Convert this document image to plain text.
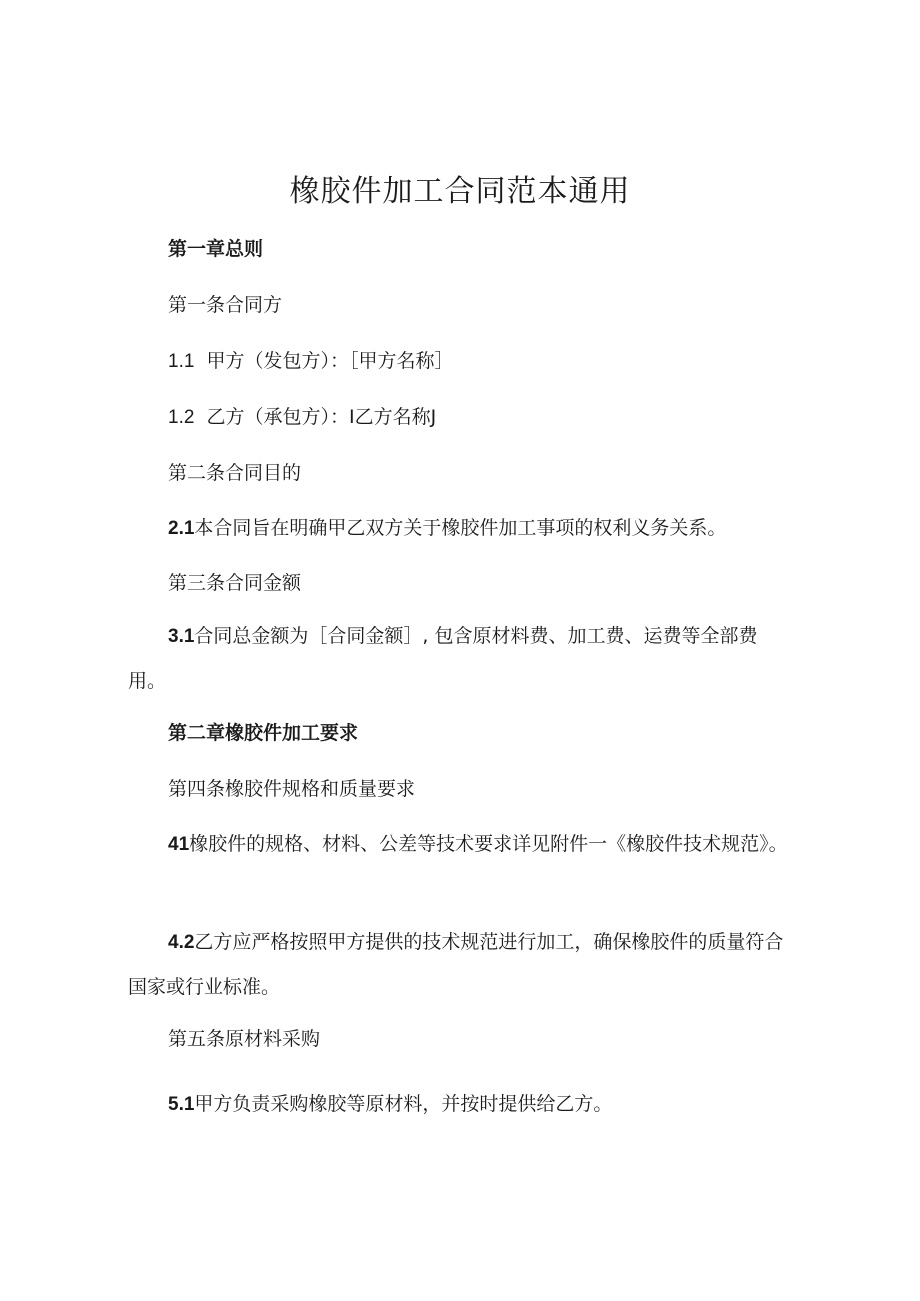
橡胶件加工合同范本通用

第一章总则

第一条合同方

1.1 甲方（发包方）：［甲方名称］

1.2 乙方（承包方）：I乙方名称J

第二条合同目的

2.1本合同旨在明确甲乙双方关于橡胶件加工事项的权利义务关系。

第三条合同金额

3.1合同总金额为［合同金额］, 包含原材料费、加工费、运费等全部费用。

第二章橡胶件加工要求

第四条橡胶件规格和质量要求

41橡胶件的规格、材料、公差等技术要求详见附件一《橡胶件技术规范》。

4.2乙方应严格按照甲方提供的技术规范进行加工，确保橡胶件的质量符合国家或行业标准。

第五条原材料采购

5.1甲方负责采购橡胶等原材料，并按时提供给乙方。
